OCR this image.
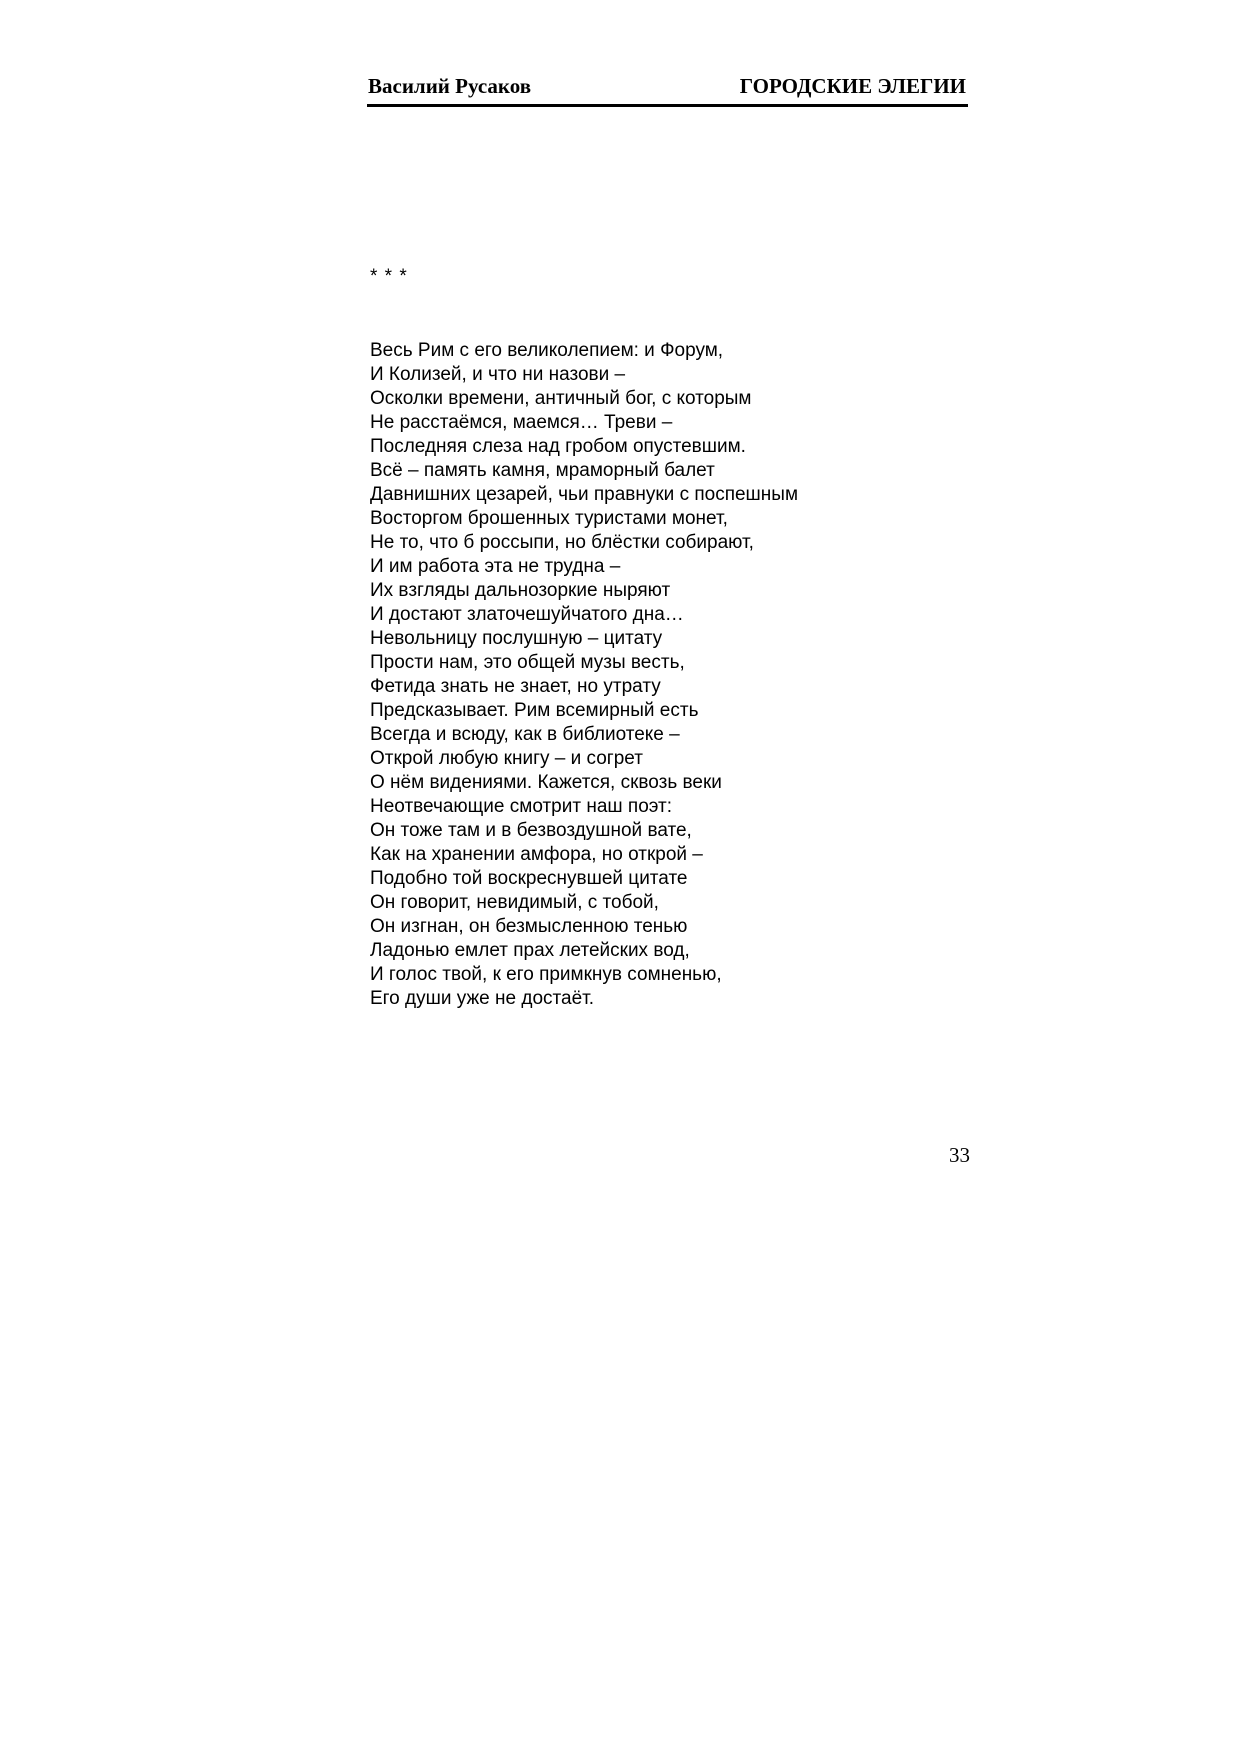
Василий Русаков	ГОРОДСКИЕ ЭЛЕГИИ
* * *
Весь Рим с его великолепием: и Форум,
И Колизей, и что ни назови –
Осколки времени, античный бог, с которым
Не расстаёмся, маемся… Треви –
Последняя слеза над гробом опустевшим.
Всё – память камня, мраморный балет
Давнишних цезарей, чьи правнуки с поспешным
Восторгом брошенных туристами монет,
Не то, что б россыпи, но блёстки собирают,
И им работа эта не трудна –
Их взгляды дальнозоркие ныряют
И достают златочешуйчатого дна…
Невольницу послушную – цитату
Прости нам, это общей музы весть,
Фетида знать не знает, но утрату
Предсказывает. Рим всемирный есть
Всегда и всюду, как в библиотеке –
Открой любую книгу – и согрет
О нём видениями. Кажется, сквозь веки
Неотвечающие смотрит наш поэт:
Он тоже там и в безвоздушной вате,
Как на хранении амфора, но открой –
Подобно той воскреснувшей цитате
Он говорит, невидимый, с тобой,
Он изгнан, он безмысленною тенью
Ладонью емлет прах летейских вод,
И голос твой, к его примкнув сомненью,
Его души уже не достаёт.
33
